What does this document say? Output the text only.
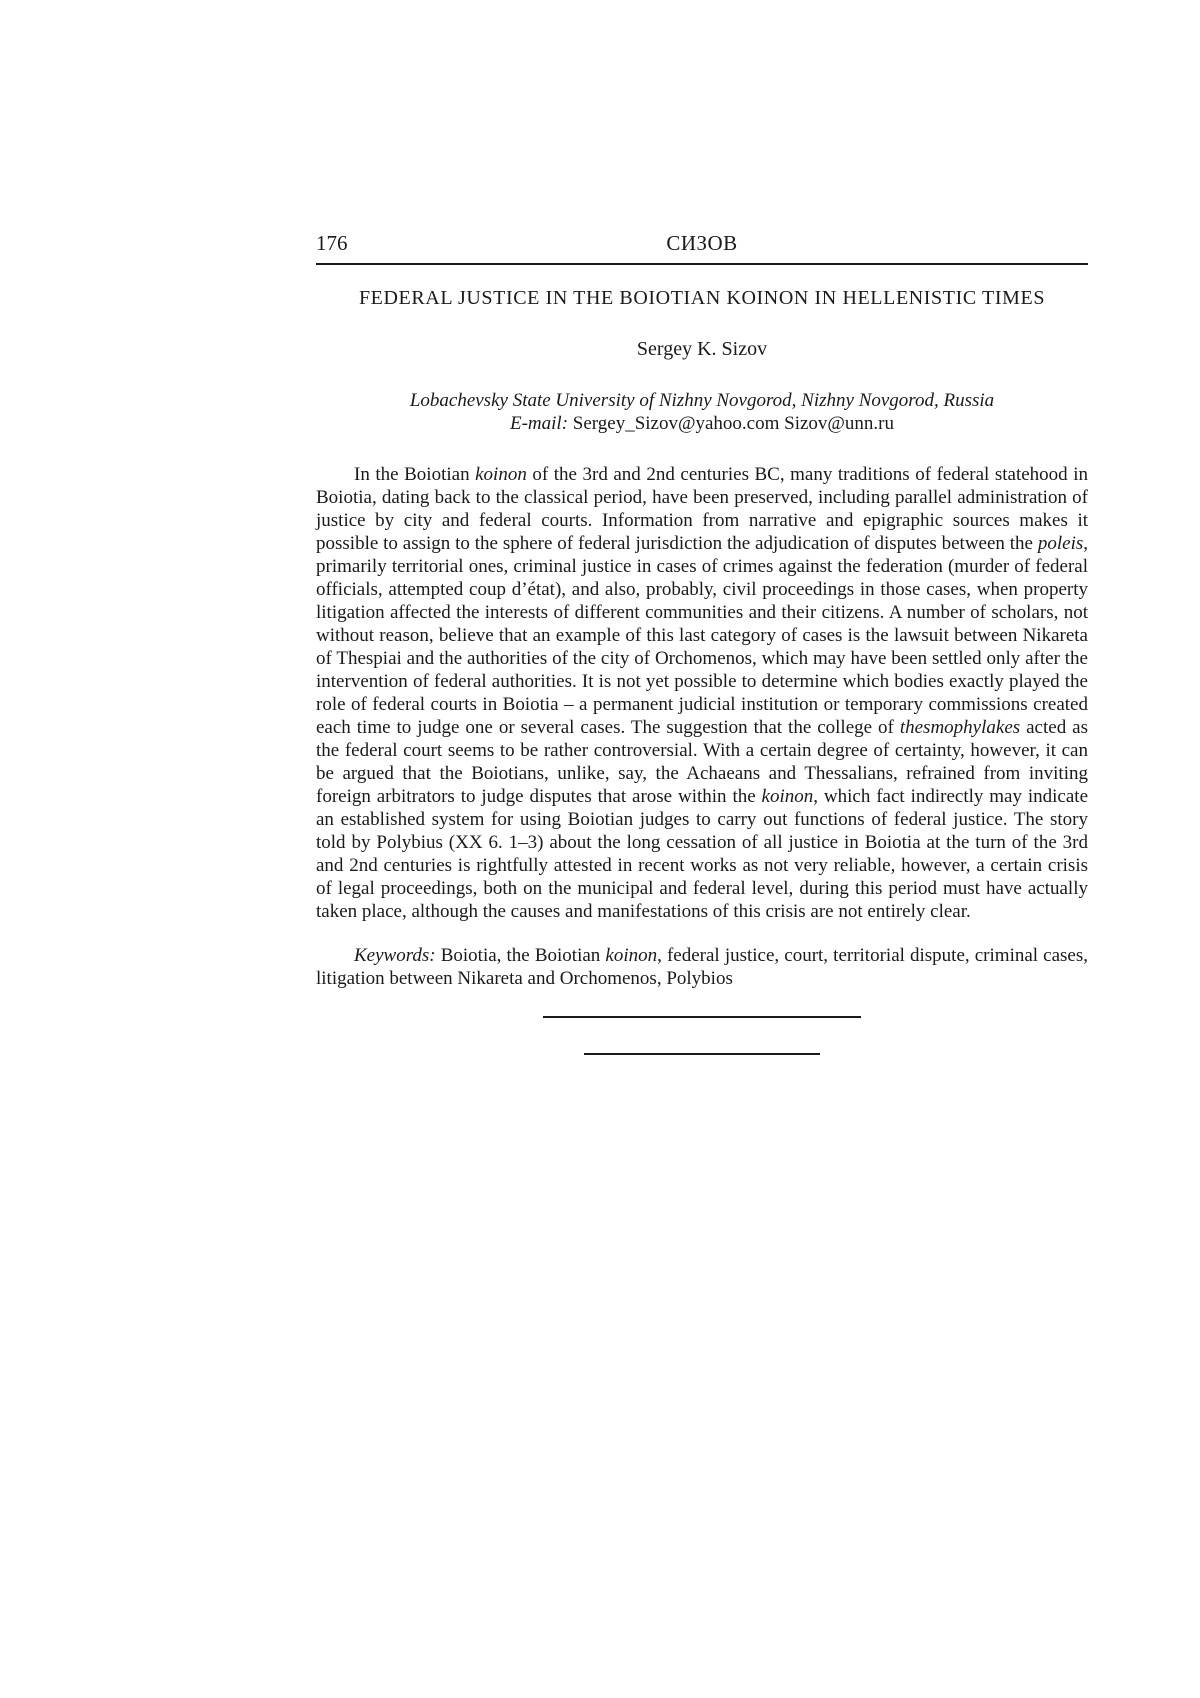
176	СИЗОВ
FEDERAL JUSTICE IN THE BOIOTIAN KOINON IN HELLENISTIC TIMES
Sergey K. Sizov
Lobachevsky State University of Nizhny Novgorod, Nizhny Novgorod, Russia
E-mail: Sergey_Sizov@yahoo.com Sizov@unn.ru

In the Boiotian koinon of the 3rd and 2nd centuries BC, many traditions of federal statehood in Boiotia, dating back to the classical period, have been preserved, including parallel administration of justice by city and federal courts. Information from narrative and epigraphic sources makes it possible to assign to the sphere of federal jurisdiction the adjudication of disputes between the poleis, primarily territorial ones, criminal justice in cases of crimes against the federation (murder of federal officials, attempted coup d’état), and also, probably, civil proceedings in those cases, when property litigation affected the interests of different communities and their citizens. A number of scholars, not without reason, believe that an example of this last category of cases is the lawsuit between Nikareta of Thespiai and the authorities of the city of Orchomenos, which may have been settled only after the intervention of federal authorities. It is not yet possible to determine which bodies exactly played the role of federal courts in Boiotia – a permanent judicial institution or temporary commissions created each time to judge one or several cases. The suggestion that the college of thesmophylakes acted as the federal court seems to be rather controversial. With a certain degree of certainty, however, it can be argued that the Boiotians, unlike, say, the Achaeans and Thessalians, refrained from inviting foreign arbitrators to judge disputes that arose within the koinon, which fact indirectly may indicate an established system for using Boiotian judges to carry out functions of federal justice. The story told by Polybius (XX 6. 1–3) about the long cessation of all justice in Boiotia at the turn of the 3rd and 2nd centuries is rightfully attested in recent works as not very reliable, however, a certain crisis of legal proceedings, both on the municipal and federal level, during this period must have actually taken place, although the causes and manifestations of this crisis are not entirely clear.

Keywords: Boiotia, the Boiotian koinon, federal justice, court, territorial dispute, criminal cases, litigation between Nikareta and Orchomenos, Polybios
